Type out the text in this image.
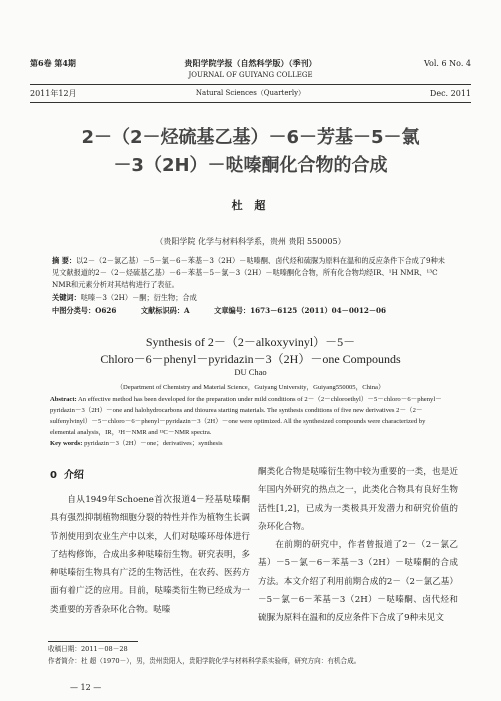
第6卷 第4期
2011年12月
贵阳学院学报（自然科学版）（季刊）
JOURNAL OF GUIYANG COLLEGE
Natural Sciences（Quarterly）
Vol. 6 No. 4
Dec. 2011
2－（2－烃硫基乙基）－6－芳基－5－氯
－3（2H）－哒嗪酮化合物的合成
杜 超
（贵阳学院 化学与材料科学系，贵州 贵阳 550005）
摘 要：以2－（2－氯乙基）－5－氯－6－苯基－3（2H）－哒嗪酮、卤代烃和硫脲为原料在温和的反应条件下合成了9种未见文献报道的2－（2－烃硫基乙基）－6－苯基－5－氯－3（2H）－哒嗪酮化合物，所有化合物均经IR、¹H NMR、¹³C NMR和元素分析对其结构进行了表征。
关键词：哒嗪－3（2H）－酮；衍生物；合成
中图分类号：O626	文献标识码：A	文章编号：1673－6125（2011）04－0012－06
Synthesis of 2－（2－alkoxyvinyl）－5－
Chloro－6－phenyl－pyridazin－3（2H）－one Compounds
DU Chao
（Department of Chemistry and Material Science，Guiyang University，Guiyang550005，China）
Abstract: An effective method has been developed for the preparation under mild conditions of 2－（2－chloroethyl）－5－chloro－6－phenyl－pyridazin－3（2H）－one and halohydrocarbons and thiourea starting materials. The synthesis conditions of five new derivatives 2－（2－sulfenylvinyl）－5－chloro－6－phenyl－pyridazin－3（2H）－one were optimized. All the synthesized compounds were characterized by elemental analysis，IR，¹H－NMR and ¹³C－NMR spectra.
Key words: pyridazin－3（2H）－one；derivatives；synthesis
0 介绍

自从1949年Schoene首次报道4－羟基哒嗪酮具有强烈抑制植物细胞分裂的特性并作为植物生长调节剂使用到农业生产中以来，人们对哒嗪环母体进行了结构修饰，合成出多种哒嗪衍生物。研究表明，多种哒嗪衍生物具有广泛的生物活性，在农药、医药方面有着广泛的应用。目前，哒嗪类衍生物已经成为一类重要的芳香杂环化合物。哒嗪

酮类化合物是哒嗪衍生物中较为重要的一类，也是近年国内外研究的热点之一，此类化合物具有良好生物活性[1,2]，已成为一类极具开发潜力和研究价值的杂环化合物。

在前期的研究中，作者曾报道了2－（2－氯乙基）－5－氯－6－苯基－3（2H）－哒嗪酮的合成方法。本文介绍了利用前期合成的2－（2－氯乙基）－5－氯－6－苯基－3（2H）－哒嗪酮、卤代烃和硫脲为原料在温和的反应条件下合成了9种未见文

收稿日期：2011－08－28
作者简介：杜 超（1970－），男，贵州贵阳人，贵阳学院化学与材料科学系实验师，研究方向：有机合成。
— 12 —
